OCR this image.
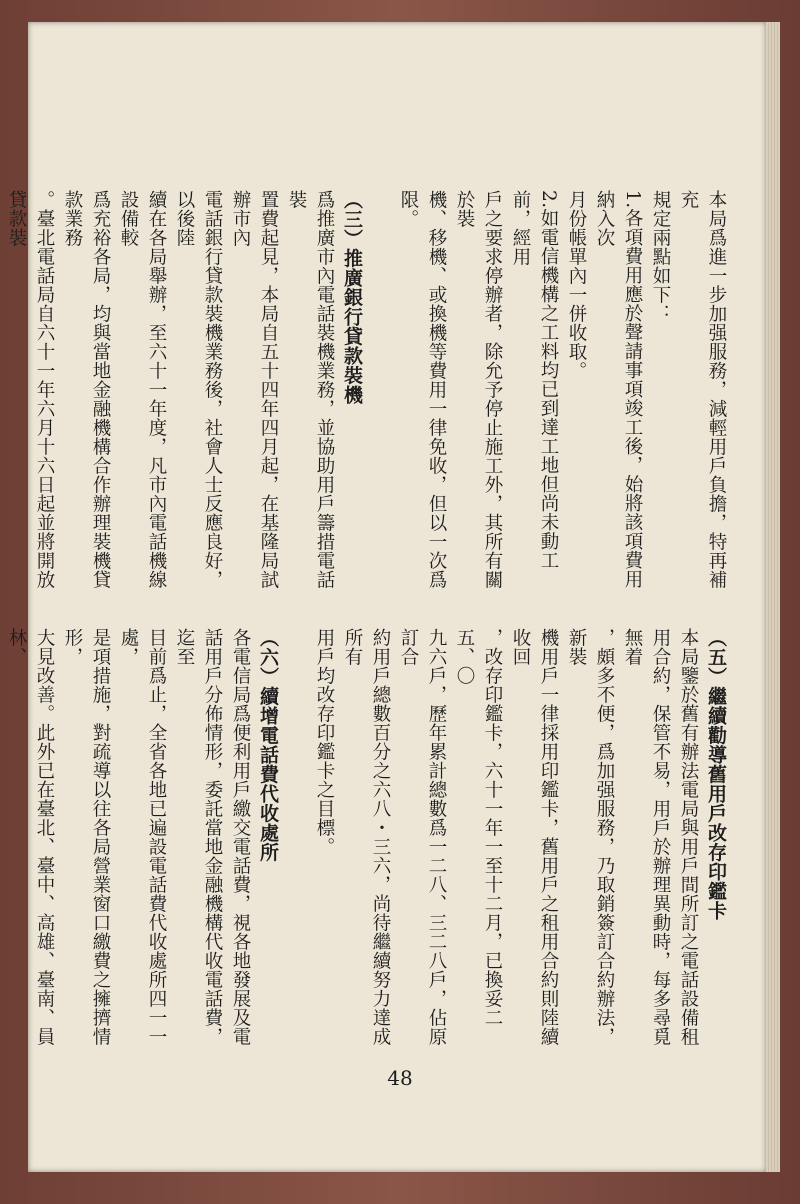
本局爲進一步加强服務，減輕用戶負擔，特再補充

規定兩點如下：

1.各項費用應於聲請事項竣工後，始將該項費用納入次

月份帳單內一併收取。

2.如電信機構之工料均已到達工地但尚未動工前，經用

戶之要求停辦者，除允予停止施工外，其所有關於裝

機、移機、或換機等費用一律免收，但以一次爲限。

（三）推廣銀行貸款裝機

爲推廣市內電話裝機業務，並協助用戶籌措電話裝

置費起見，本局自五十四年四月起，在基隆局試辦市內

電話銀行貸款裝機業務後，社會人士反應良好，以後陸

續在各局舉辦，至六十一年度，凡市內電話機線設備較

爲充裕各局，均與當地金融機構合作辦理裝機貸款業務

。臺北電話局自六十一年六月十六日起並將開放貸款裝

（五）繼續勸導舊用戶改存印鑑卡

本局鑒於舊有辦法電局與用戶間所訂之電話設備租

用合約，保管不易，用戶於辦理異動時，每多尋覓無着

，頗多不便，爲加强服務，乃取銷簽訂合約辦法，新裝

機用戶一律採用印鑑卡，舊用戶之租用合約則陸續收回

，改存印鑑卡，六十一年一至十二月，已換妥二五、〇

九六戶，歷年累計總數爲一二八、三二八戶，佔原訂合

約用戶總數百分之六八・三六，尚待繼續努力達成所有

用戶均改存印鑑卡之目標。

（六）續增電話費代收處所

各電信局爲便利用戶繳交電話費，視各地發展及電

話用戶分佈情形，委託當地金融機構代收電話費，迄至

目前爲止，全省各地已遍設電話費代收處所四一一處，

是項措施，對疏導以往各局營業窗口繳費之擁擠情形，

大見改善。此外已在臺北、臺中、高雄、臺南、員林、

48
